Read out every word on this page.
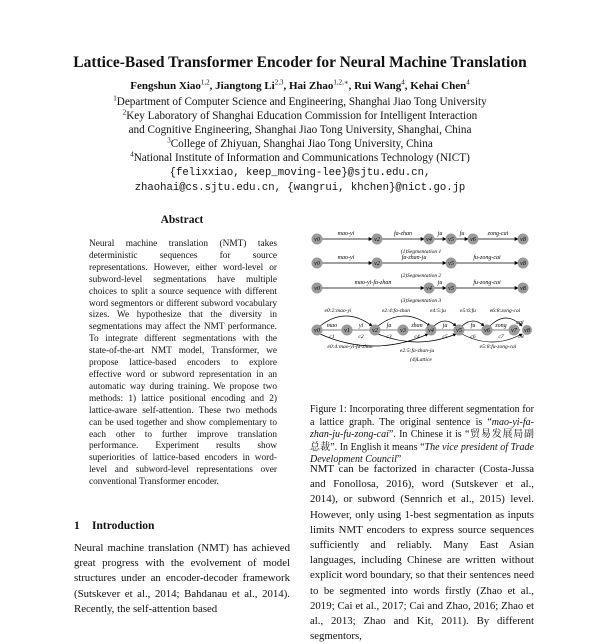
Lattice-Based Transformer Encoder for Neural Machine Translation
Fengshun Xiao$^{1,2}$, Jiangtong Li$^{2,3}$, Hai Zhao$^{1,2,∗}$, Rui Wang$^4$, Kehai Chen$^4$
$^1$Department of Computer Science and Engineering, Shanghai Jiao Tong University
$^2$Key Laboratory of Shanghai Education Commission for Intelligent Interaction
and Cognitive Engineering, Shanghai Jiao Tong University, Shanghai, China
$^3$College of Zhiyuan, Shanghai Jiao Tong University, China
$^4$National Institute of Information and Communications Technology (NICT)
{felixxiao, keep_moving-lee}@sjtu.edu.cn,
zhaohai@cs.sjtu.edu.cn, {wangrui, khchen}@nict.go.jp
Abstract
Neural machine translation (NMT) takes deterministic sequences for source representations. However, either word-level or subword-level segmentations have multiple choices to split a source sequence with different word segmentors or different subword vocabulary sizes. We hypothesize that the diversity in segmentations may affect the NMT performance. To integrate different segmentations with the state-of-the-art NMT model, Transformer, we propose lattice-based encoders to explore effective word or subword representation in an automatic way during training. We propose two methods: 1) lattice positional encoding and 2) lattice-aware self-attention. These two methods can be used together and show complementary to each other to further improve translation performance. Experiment results show superiorities of lattice-based encoders in word-level and subword-level representations over conventional Transformer encoder.
1 Introduction
Neural machine translation (NMT) has achieved great progress with the evolvement of model structures under an encoder-decoder framework (Sutskever et al., 2014; Bahdanau et al., 2014). Recently, the self-attention based
v0	v2	v4	v5	v6	v8
mao-yi	fa-zhan	ju	fu	zong-cai
(1)Segmentation 1
v0	v2	v5	v8
mao-yi	fa-zhan-ju	fu-zong-cai
(2)Segmentation 2
v0	v4	v5	v8
mao-yi-fa-zhan	ju	fu-zong-cai
(3)Segmentation 3
v0	v1	v2	v3	v4	v5	v6	v7 v8
mao	yi	fa	zhan	ju	fu	zong cai
c1	c2	c3	c4	c5	c6	c7	c8
e0:2:mao-yi	e2:4:fa-zhan	e4:5:ju	e5:6:fu	e6:8:zong-cai
e0:4:mao-yi-fa-zhan
e2:5:fa-zhan-ju
e5:8:fu-zong-cai
(4)Lattice
Figure 1: Incorporating three different segmentation for a lattice graph. The original sentence is “mao-yi-fa-zhan-ju-fu-zong-cai”. In Chinese it is “贸易发展局副总裁”. In English it means “The vice president of Trade Development Council”
NMT can be factorized in character (Costa-Jussa and Fonollosa, 2016), word (Sutskever et al., 2014), or subword (Sennrich et al., 2015) level. However, only using 1-best segmentation as inputs limits NMT encoders to express source sequences sufficiently and reliably. Many East Asian languages, including Chinese are written without explicit word boundary, so that their sentences need to be segmented into words firstly (Zhao et al., 2019; Cai et al., 2017; Cai and Zhao, 2016; Zhao et al., 2013; Zhao and Kit, 2011). By different segmentors,
